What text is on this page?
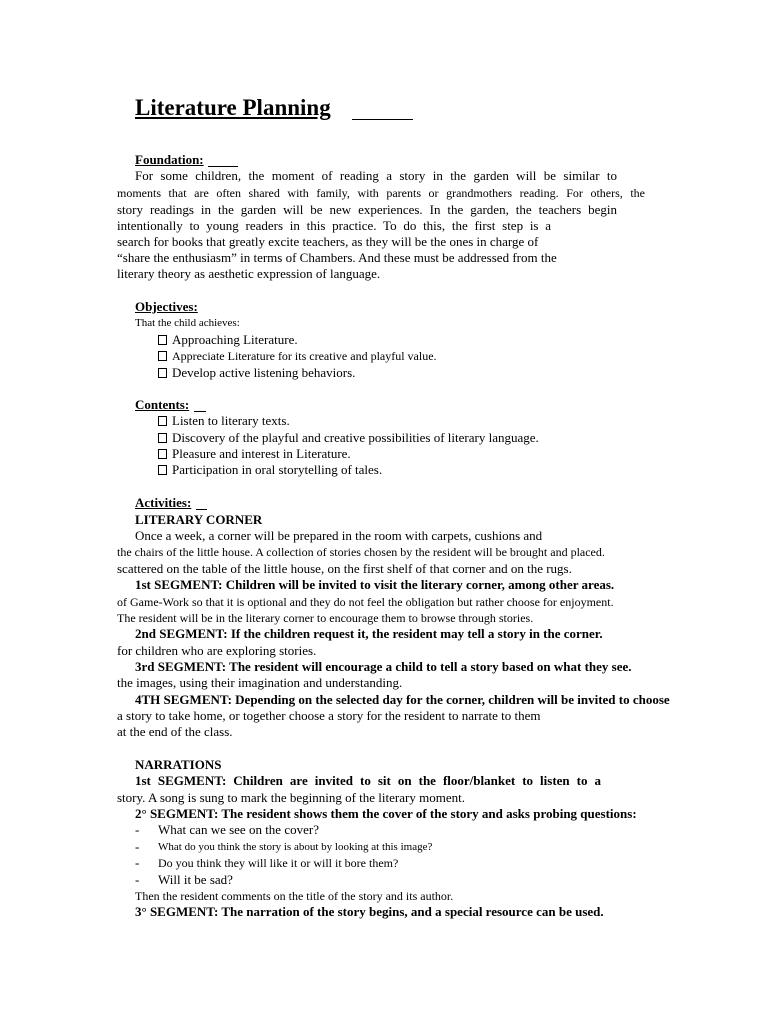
Literature Planning
Foundation:
For some children, the moment of reading a story in the garden will be similar to
moments that are often shared with family, with parents or grandmothers reading. For others, the
story readings in the garden will be new experiences. In the garden, the teachers begin
intentionally to young readers in this practice. To do this, the first step is a
search for books that greatly excite teachers, as they will be the ones in charge of
“share the enthusiasm” in terms of Chambers. And these must be addressed from the
literary theory as aesthetic expression of language.
Objectives:
That the child achieves:
Approaching Literature.
Appreciate Literature for its creative and playful value.
Develop active listening behaviors.
Contents:
Listen to literary texts.
Discovery of the playful and creative possibilities of literary language.
Pleasure and interest in Literature.
Participation in oral storytelling of tales.
Activities:
LITERARY CORNER
Once a week, a corner will be prepared in the room with carpets, cushions and
the chairs of the little house. A collection of stories chosen by the resident will be brought and placed.
scattered on the table of the little house, on the first shelf of that corner and on the rugs.
1st SEGMENT: Children will be invited to visit the literary corner, among other areas.
of Game-Work so that it is optional and they do not feel the obligation but rather choose for enjoyment.
The resident will be in the literary corner to encourage them to browse through stories.
2nd SEGMENT: If the children request it, the resident may tell a story in the corner.
for children who are exploring stories.
3rd SEGMENT: The resident will encourage a child to tell a story based on what they see.
the images, using their imagination and understanding.
4TH SEGMENT: Depending on the selected day for the corner, children will be invited to choose
a story to take home, or together choose a story for the resident to narrate to them
at the end of the class.
NARRATIONS
1st SEGMENT: Children are invited to sit on the floor/blanket to listen to a
story. A song is sung to mark the beginning of the literary moment.
2° SEGMENT: The resident shows them the cover of the story and asks probing questions:
- What can we see on the cover?
- What do you think the story is about by looking at this image?
- Do you think they will like it or will it bore them?
- Will it be sad?
Then the resident comments on the title of the story and its author.
3° SEGMENT: The narration of the story begins, and a special resource can be used.
